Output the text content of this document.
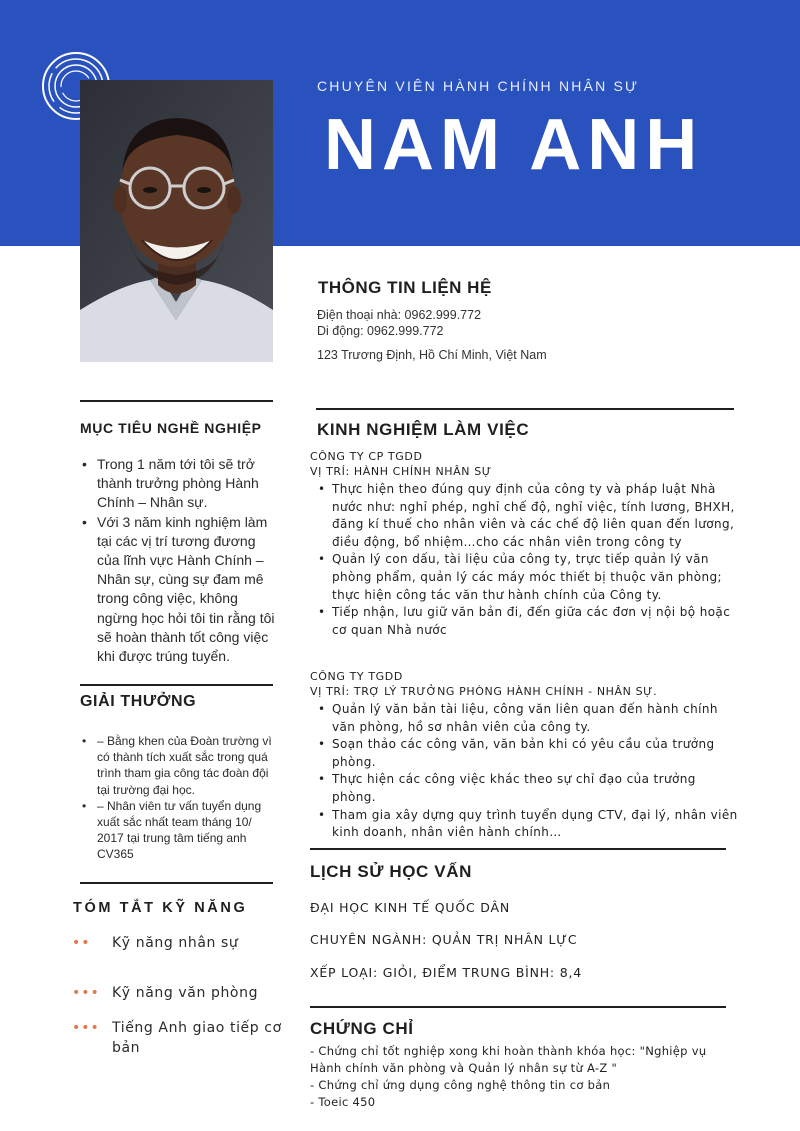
CHUYÊN VIÊN HÀNH CHÍNH NHÂN SỰ
NAM ANH
THÔNG TIN LIỆN HỆ
Điện thoại nhà: 0962.999.772
Di động: 0962.999.772
123 Trương Định, Hồ Chí Minh, Việt Nam
MỤC TIÊU NGHỀ NGHIỆP
• Trong 1 năm tới tôi sẽ trở thành trưởng phòng Hành Chính – Nhân sự.
• Với 3 năm kinh nghiệm làm tại các vị trí tương đương của lĩnh vực Hành Chính – Nhân sự, cùng sự đam mê trong công việc, không ngừng học hỏi tôi tin rằng tôi sẽ hoàn thành tốt công việc khi được trúng tuyển.
GIẢI THƯỞNG
• – Bằng khen của Đoàn trường vì có thành tích xuất sắc trong quá trình tham gia công tác đoàn đội tại trường đại học.
• – Nhân viên tư vấn tuyển dụng xuất sắc nhất team tháng 10/ 2017 tại trung tâm tiếng anh CV365
TÓM TẮT KỸ NĂNG
••	Kỹ năng nhân sự
••• Kỹ năng văn phòng
••• Tiếng Anh giao tiếp cơ bản
KINH NGHIỆM LÀM VIỆC
CÔNG TY CP TGDD
VỊ TRÍ: HÀNH CHÍNH NHÂN SỰ
• Thực hiện theo đúng quy định của công ty và pháp luật Nhà nước như: nghỉ phép, nghỉ chế độ, nghỉ việc, tính lương, BHXH, đăng kí thuế cho nhân viên và các chế độ liên quan đến lương, điều động, bổ nhiệm…cho các nhân viên trong công ty
• Quản lý con dấu, tài liệu của công ty, trực tiếp quản lý văn phòng phẩm, quản lý các máy móc thiết bị thuộc văn phòng; thực hiện công tác văn thư hành chính của Công ty.
• Tiếp nhận, lưu giữ văn bản đi, đến giữa các đơn vị nội bộ hoặc cơ quan Nhà nước
CÔNG TY TGDD
VỊ TRÍ: TRỢ LÝ TRƯỞNG PHÒNG HÀNH CHÍNH - NHÂN SỰ.
• Quản lý văn bản tài liệu, công văn liên quan đến hành chính văn phòng, hồ sơ nhân viên của công ty.
• Soạn thảo các công văn, văn bản khi có yêu cầu của trưởng phòng.
• Thực hiện các công việc khác theo sự chỉ đạo của trưởng phòng.
• Tham gia xây dựng quy trình tuyển dụng CTV, đại lý, nhân viên kinh doanh, nhân viên hành chính…
LỊCH SỬ HỌC VẤN
ĐẠI HỌC KINH TẾ QUỐC DÂN
CHUYÊN NGÀNH: QUẢN TRỊ NHÂN LỰC
XẾP LOẠI: GIỎI, ĐIỂM TRUNG BÌNH: 8,4
CHỨNG CHỈ
- Chứng chỉ tốt nghiệp xong khi hoàn thành khóa học: "Nghiệp vụ Hành chính văn phòng và Quản lý nhân sự từ A-Z "
- Chứng chỉ ứng dụng công nghệ thông tin cơ bản
- Toeic 450
